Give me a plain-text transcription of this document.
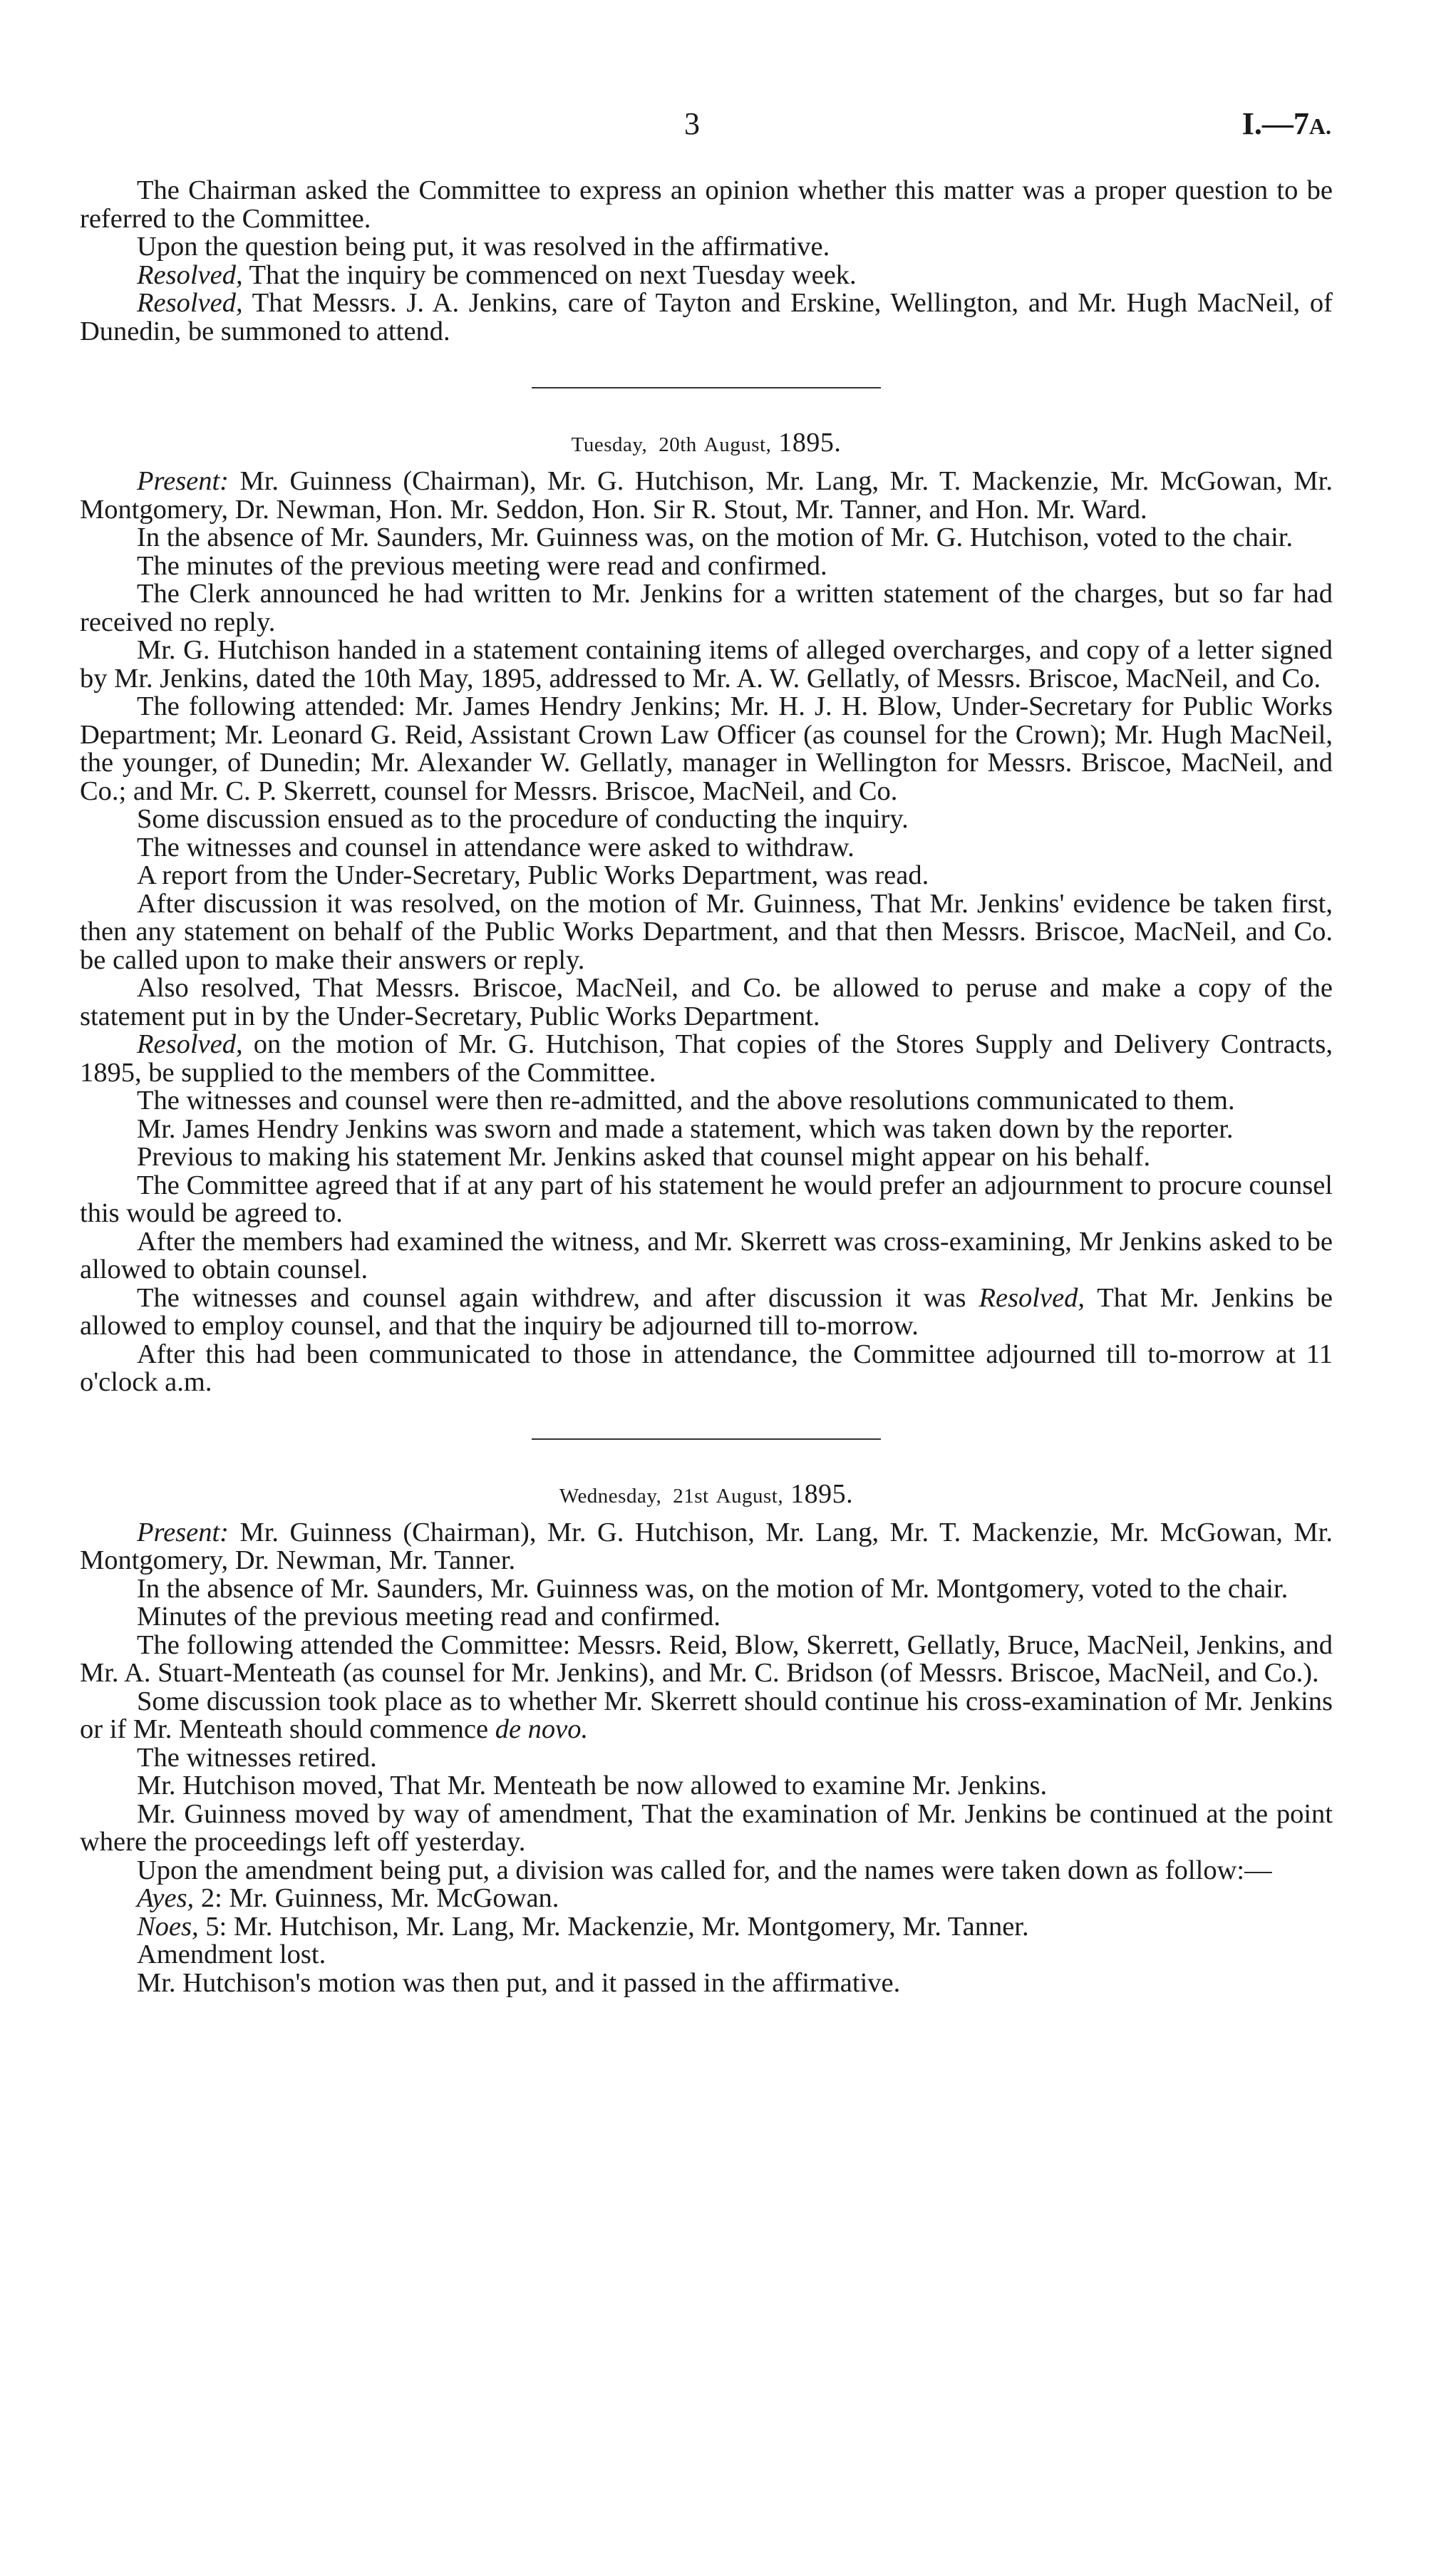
3	I.—7A.

The Chairman asked the Committee to express an opinion whether this matter was a proper question to be referred to the Committee.

Upon the question being put, it was resolved in the affirmative.

Resolved, That the inquiry be commenced on next Tuesday week.

Resolved, That Messrs. J. A. Jenkins, care of Tayton and Erskine, Wellington, and Mr. Hugh MacNeil, of Dunedin, be summoned to attend.

Tuesday, 20th August, 1895.

Present: Mr. Guinness (Chairman), Mr. G. Hutchison, Mr. Lang, Mr. T. Mackenzie, Mr. McGowan, Mr. Montgomery, Dr. Newman, Hon. Mr. Seddon, Hon. Sir R. Stout, Mr. Tanner, and Hon. Mr. Ward.

In the absence of Mr. Saunders, Mr. Guinness was, on the motion of Mr. G. Hutchison, voted to the chair.

The minutes of the previous meeting were read and confirmed.

The Clerk announced he had written to Mr. Jenkins for a written statement of the charges, but so far had received no reply.

Mr. G. Hutchison handed in a statement containing items of alleged overcharges, and copy of a letter signed by Mr. Jenkins, dated the 10th May, 1895, addressed to Mr. A. W. Gellatly, of Messrs. Briscoe, MacNeil, and Co.

The following attended: Mr. James Hendry Jenkins; Mr. H. J. H. Blow, Under-Secretary for Public Works Department; Mr. Leonard G. Reid, Assistant Crown Law Officer (as counsel for the Crown); Mr. Hugh MacNeil, the younger, of Dunedin; Mr. Alexander W. Gellatly, manager in Wellington for Messrs. Briscoe, MacNeil, and Co.; and Mr. C. P. Skerrett, counsel for Messrs. Briscoe, MacNeil, and Co.

Some discussion ensued as to the procedure of conducting the inquiry.

The witnesses and counsel in attendance were asked to withdraw.

A report from the Under-Secretary, Public Works Department, was read.

After discussion it was resolved, on the motion of Mr. Guinness, That Mr. Jenkins' evidence be taken first, then any statement on behalf of the Public Works Department, and that then Messrs. Briscoe, MacNeil, and Co. be called upon to make their answers or reply.

Also resolved, That Messrs. Briscoe, MacNeil, and Co. be allowed to peruse and make a copy of the statement put in by the Under-Secretary, Public Works Department.

Resolved, on the motion of Mr. G. Hutchison, That copies of the Stores Supply and Delivery Contracts, 1895, be supplied to the members of the Committee.

The witnesses and counsel were then re-admitted, and the above resolutions communicated to them.

Mr. James Hendry Jenkins was sworn and made a statement, which was taken down by the reporter.

Previous to making his statement Mr. Jenkins asked that counsel might appear on his behalf.

The Committee agreed that if at any part of his statement he would prefer an adjournment to procure counsel this would be agreed to.

After the members had examined the witness, and Mr. Skerrett was cross-examining, Mr Jenkins asked to be allowed to obtain counsel.

The witnesses and counsel again withdrew, and after discussion it was Resolved, That Mr. Jenkins be allowed to employ counsel, and that the inquiry be adjourned till to-morrow.

After this had been communicated to those in attendance, the Committee adjourned till to-morrow at 11 o'clock a.m.

Wednesday, 21st August, 1895.

Present: Mr. Guinness (Chairman), Mr. G. Hutchison, Mr. Lang, Mr. T. Mackenzie, Mr. McGowan, Mr. Montgomery, Dr. Newman, Mr. Tanner.

In the absence of Mr. Saunders, Mr. Guinness was, on the motion of Mr. Montgomery, voted to the chair.

Minutes of the previous meeting read and confirmed.

The following attended the Committee: Messrs. Reid, Blow, Skerrett, Gellatly, Bruce, MacNeil, Jenkins, and Mr. A. Stuart-Menteath (as counsel for Mr. Jenkins), and Mr. C. Bridson (of Messrs. Briscoe, MacNeil, and Co.).

Some discussion took place as to whether Mr. Skerrett should continue his cross-examination of Mr. Jenkins or if Mr. Menteath should commence de novo.

The witnesses retired.

Mr. Hutchison moved, That Mr. Menteath be now allowed to examine Mr. Jenkins.

Mr. Guinness moved by way of amendment, That the examination of Mr. Jenkins be continued at the point where the proceedings left off yesterday.

Upon the amendment being put, a division was called for, and the names were taken down as follow:—

Ayes, 2: Mr. Guinness, Mr. McGowan.

Noes, 5: Mr. Hutchison, Mr. Lang, Mr. Mackenzie, Mr. Montgomery, Mr. Tanner.

Amendment lost.

Mr. Hutchison's motion was then put, and it passed in the affirmative.
